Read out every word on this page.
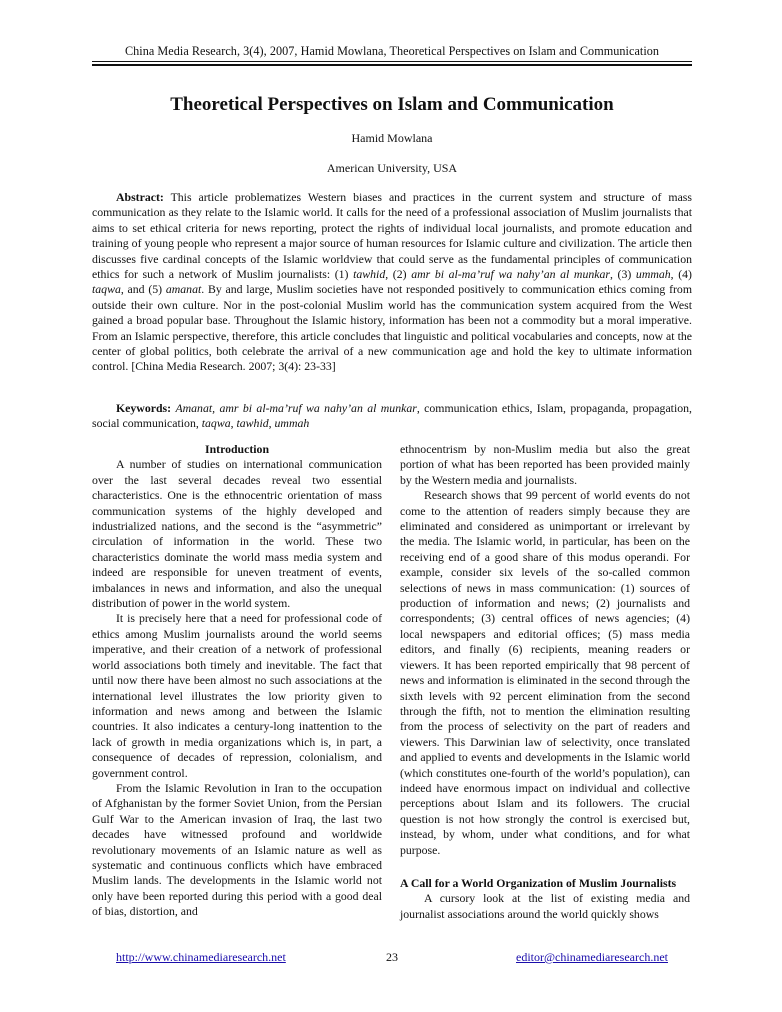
China Media Research, 3(4), 2007, Hamid Mowlana, Theoretical Perspectives on Islam and Communication
Theoretical Perspectives on Islam and Communication
Hamid Mowlana
American University, USA

Abstract: This article problematizes Western biases and practices in the current system and structure of mass communication as they relate to the Islamic world. It calls for the need of a professional association of Muslim journalists that aims to set ethical criteria for news reporting, protect the rights of individual local journalists, and promote education and training of young people who represent a major source of human resources for Islamic culture and civilization. The article then discusses five cardinal concepts of the Islamic worldview that could serve as the fundamental principles of communication ethics for such a network of Muslim journalists: (1) tawhid, (2) amr bi al-ma’ruf wa nahy’an al munkar, (3) ummah, (4) taqwa, and (5) amanat. By and large, Muslim societies have not responded positively to communication ethics coming from outside their own culture. Nor in the post-colonial Muslim world has the communication system acquired from the West gained a broad popular base. Throughout the Islamic history, information has been not a commodity but a moral imperative. From an Islamic perspective, therefore, this article concludes that linguistic and political vocabularies and concepts, now at the center of global politics, both celebrate the arrival of a new communication age and hold the key to ultimate information control. [China Media Research. 2007; 3(4): 23-33]

Keywords: Amanat, amr bi al-ma’ruf wa nahy’an al munkar, communication ethics, Islam, propaganda, propagation, social communication, taqwa, tawhid, ummah

Introduction

A number of studies on international communication over the last several decades reveal two essential characteristics. One is the ethnocentric orientation of mass communication systems of the highly developed and industrialized nations, and the second is the “asymmetric” circulation of information in the world. These two characteristics dominate the world mass media system and indeed are responsible for uneven treatment of events, imbalances in news and information, and also the unequal distribution of power in the world system.

It is precisely here that a need for professional code of ethics among Muslim journalists around the world seems imperative, and their creation of a network of professional world associations both timely and inevitable. The fact that until now there have been almost no such associations at the international level illustrates the low priority given to information and news among and between the Islamic countries. It also indicates a century-long inattention to the lack of growth in media organizations which is, in part, a consequence of decades of repression, colonialism, and government control.

From the Islamic Revolution in Iran to the occupation of Afghanistan by the former Soviet Union, from the Persian Gulf War to the American invasion of Iraq, the last two decades have witnessed profound and worldwide revolutionary movements of an Islamic nature as well as systematic and continuous conflicts which have embraced Muslim lands. The developments in the Islamic world not only have been reported during this period with a good deal of bias, distortion, and

ethnocentrism by non-Muslim media but also the great portion of what has been reported has been provided mainly by the Western media and journalists.

Research shows that 99 percent of world events do not come to the attention of readers simply because they are eliminated and considered as unimportant or irrelevant by the media. The Islamic world, in particular, has been on the receiving end of a good share of this modus operandi. For example, consider six levels of the so-called common selections of news in mass communication: (1) sources of production of information and news; (2) journalists and correspondents; (3) central offices of news agencies; (4) local newspapers and editorial offices; (5) mass media editors, and finally (6) recipients, meaning readers or viewers. It has been reported empirically that 98 percent of news and information is eliminated in the second through the sixth levels with 92 percent elimination from the second through the fifth, not to mention the elimination resulting from the process of selectivity on the part of readers and viewers. This Darwinian law of selectivity, once translated and applied to events and developments in the Islamic world (which constitutes one-fourth of the world’s population), can indeed have enormous impact on individual and collective perceptions about Islam and its followers. The crucial question is not how strongly the control is exercised but, instead, by whom, under what conditions, and for what purpose.

A Call for a World Organization of Muslim Journalists

A cursory look at the list of existing media and journalist associations around the world quickly shows

http://www.chinamediaresearch.net	23	editor@chinamediaresearch.net
